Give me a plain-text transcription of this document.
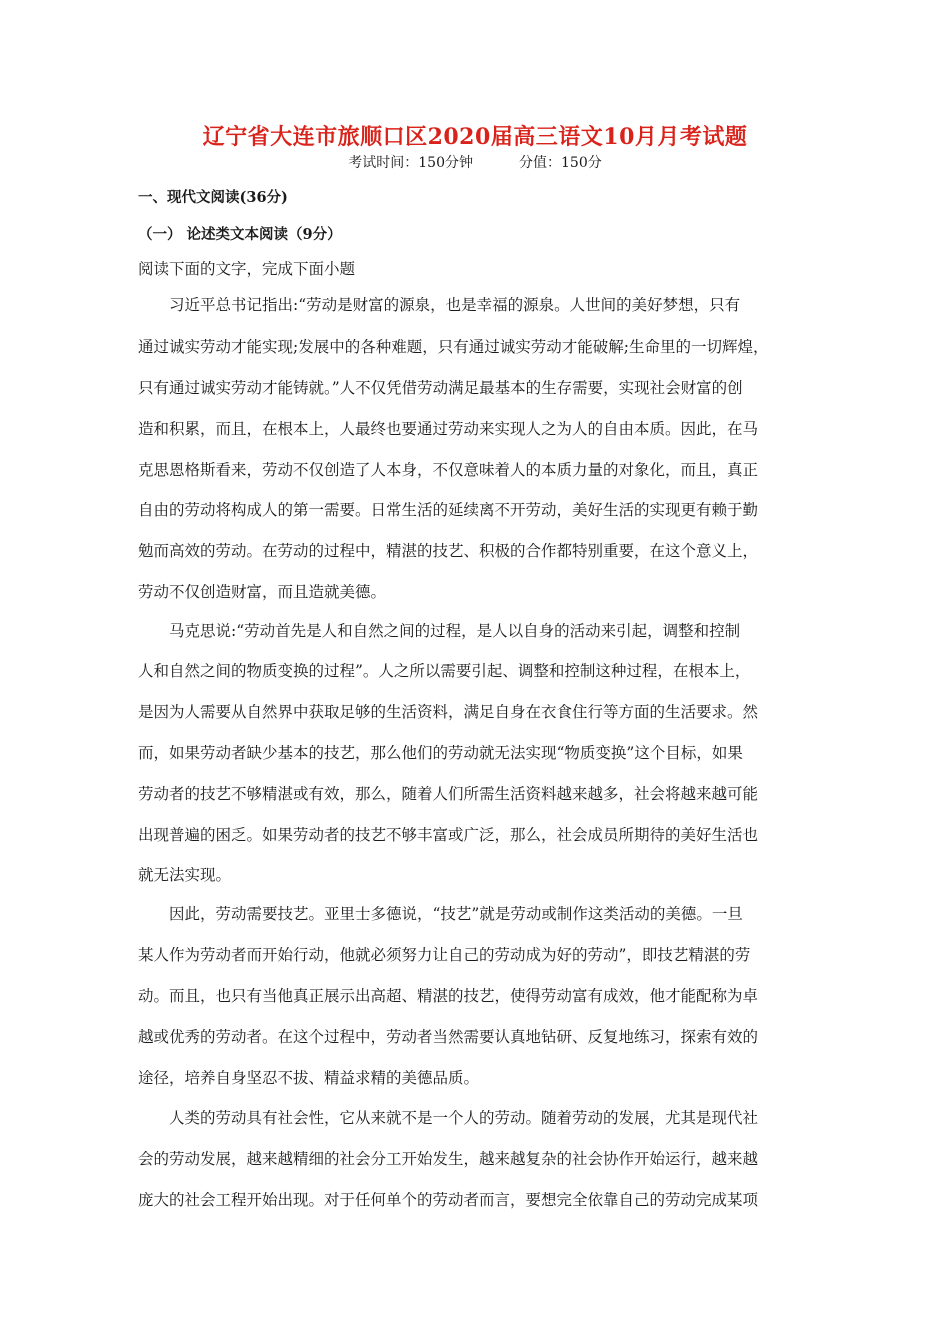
辽宁省大连市旅顺口区2020届高三语文10月月考试题
考试时间：150分钟	分值：150分
一、现代文阅读(36分)
（一） 论述类文本阅读（9分）
阅读下面的文字，完成下面小题
　　习近平总书记指出:“劳动是财富的源泉，也是幸福的源泉。人世间的美好梦想，只有
通过诚实劳动才能实现;发展中的各种难题，只有通过诚实劳动才能破解;生命里的一切辉煌，
只有通过诚实劳动才能铸就。”人不仅凭借劳动满足最基本的生存需要，实现社会财富的创
造和积累，而且，在根本上，人最终也要通过劳动来实现人之为人的自由本质。因此，在马
克思恩格斯看来，劳动不仅创造了人本身，不仅意味着人的本质力量的对象化，而且，真正
自由的劳动将构成人的第一需要。日常生活的延续离不开劳动，美好生活的实现更有赖于勤
勉而高效的劳动。在劳动的过程中，精湛的技艺、积极的合作都特别重要，在这个意义上，
劳动不仅创造财富，而且造就美德。
　　马克思说:“劳动首先是人和自然之间的过程，是人以自身的活动来引起，调整和控制
人和自然之间的物质变换的过程”。人之所以需要引起、调整和控制这种过程，在根本上，
是因为人需要从自然界中获取足够的生活资料，满足自身在衣食住行等方面的生活要求。然
而，如果劳动者缺少基本的技艺，那么他们的劳动就无法实现“物质变换”这个目标，如果
劳动者的技艺不够精湛或有效，那么，随着人们所需生活资料越来越多，社会将越来越可能
出现普遍的困乏。如果劳动者的技艺不够丰富或广泛，那么，社会成员所期待的美好生活也
就无法实现。
　　因此，劳动需要技艺。亚里士多德说，“技艺”就是劳动或制作这类活动的美德。一旦
某人作为劳动者而开始行动，他就必须努力让自己的劳动成为好的劳动”，即技艺精湛的劳
动。而且，也只有当他真正展示出高超、精湛的技艺，使得劳动富有成效，他才能配称为卓
越或优秀的劳动者。在这个过程中，劳动者当然需要认真地钻研、反复地练习，探索有效的
途径，培养自身坚忍不拔、精益求精的美德品质。
　　人类的劳动具有社会性，它从来就不是一个人的劳动。随着劳动的发展，尤其是现代社
会的劳动发展，越来越精细的社会分工开始发生，越来越复杂的社会协作开始运行，越来越
庞大的社会工程开始出现。对于任何单个的劳动者而言，要想完全依靠自己的劳动完成某项
